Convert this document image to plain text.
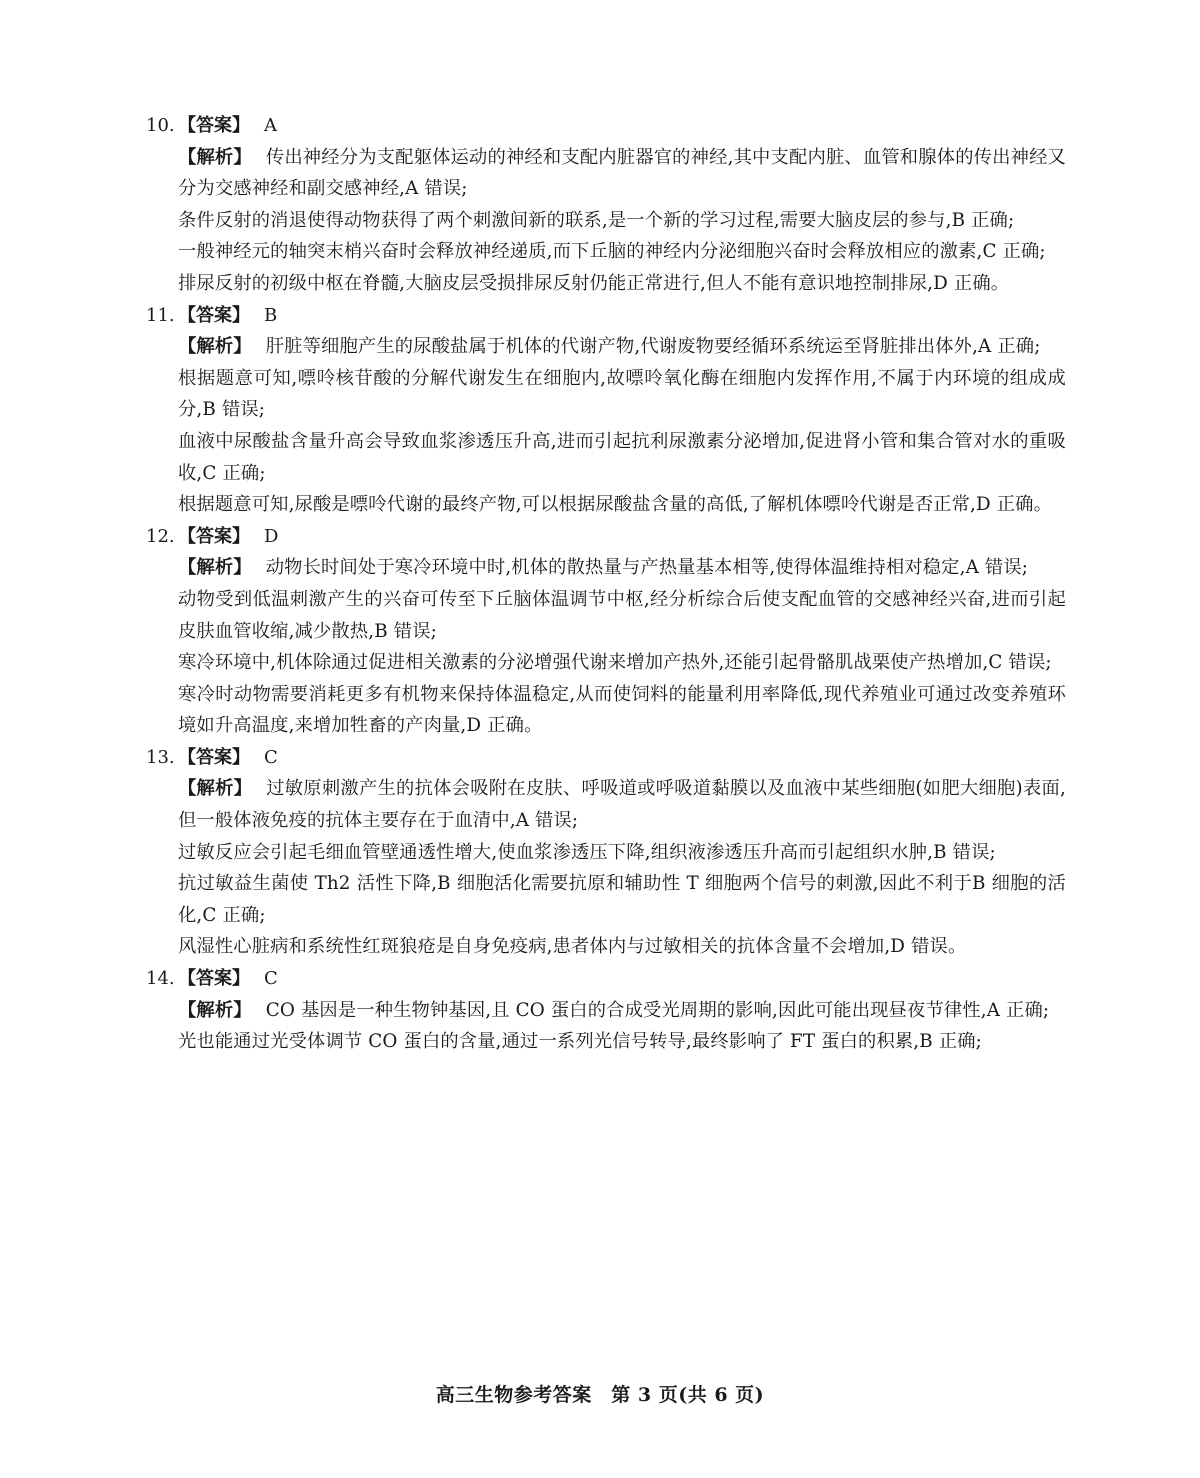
10. 【答案】 A

【解析】 传出神经分为支配躯体运动的神经和支配内脏器官的神经,其中支配内脏、血管和腺体的传出神经又分为交感神经和副交感神经,A 错误;

条件反射的消退使得动物获得了两个刺激间新的联系,是一个新的学习过程,需要大脑皮层的参与,B 正确;

一般神经元的轴突末梢兴奋时会释放神经递质,而下丘脑的神经内分泌细胞兴奋时会释放相应的激素,C 正确;

排尿反射的初级中枢在脊髓,大脑皮层受损排尿反射仍能正常进行,但人不能有意识地控制排尿,D 正确。

11. 【答案】 B

【解析】 肝脏等细胞产生的尿酸盐属于机体的代谢产物,代谢废物要经循环系统运至肾脏排出体外,A 正确;

根据题意可知,嘌呤核苷酸的分解代谢发生在细胞内,故嘌呤氧化酶在细胞内发挥作用,不属于内环境的组成成分,B 错误;

血液中尿酸盐含量升高会导致血浆渗透压升高,进而引起抗利尿激素分泌增加,促进肾小管和集合管对水的重吸收,C 正确;

根据题意可知,尿酸是嘌呤代谢的最终产物,可以根据尿酸盐含量的高低,了解机体嘌呤代谢是否正常,D 正确。

12. 【答案】 D

【解析】 动物长时间处于寒冷环境中时,机体的散热量与产热量基本相等,使得体温维持相对稳定,A 错误;

动物受到低温刺激产生的兴奋可传至下丘脑体温调节中枢,经分析综合后使支配血管的交感神经兴奋,进而引起皮肤血管收缩,减少散热,B 错误;

寒冷环境中,机体除通过促进相关激素的分泌增强代谢来增加产热外,还能引起骨骼肌战栗使产热增加,C 错误;

寒冷时动物需要消耗更多有机物来保持体温稳定,从而使饲料的能量利用率降低,现代养殖业可通过改变养殖环境如升高温度,来增加牲畜的产肉量,D 正确。

13. 【答案】 C

【解析】 过敏原刺激产生的抗体会吸附在皮肤、呼吸道或呼吸道黏膜以及血液中某些细胞(如肥大细胞)表面,但一般体液免疫的抗体主要存在于血清中,A 错误;

过敏反应会引起毛细血管壁通透性增大,使血浆渗透压下降,组织液渗透压升高而引起组织水肿,B 错误;

抗过敏益生菌使 Th2 活性下降,B 细胞活化需要抗原和辅助性 T 细胞两个信号的刺激,因此不利于B 细胞的活化,C 正确;

风湿性心脏病和系统性红斑狼疮是自身免疫病,患者体内与过敏相关的抗体含量不会增加,D 错误。

14. 【答案】 C

【解析】 CO 基因是一种生物钟基因,且 CO 蛋白的合成受光周期的影响,因此可能出现昼夜节律性,A 正确;

光也能通过光受体调节 CO 蛋白的含量,通过一系列光信号转导,最终影响了 FT 蛋白的积累,B 正确;

高三生物参考答案　第 3 页(共 6 页)
